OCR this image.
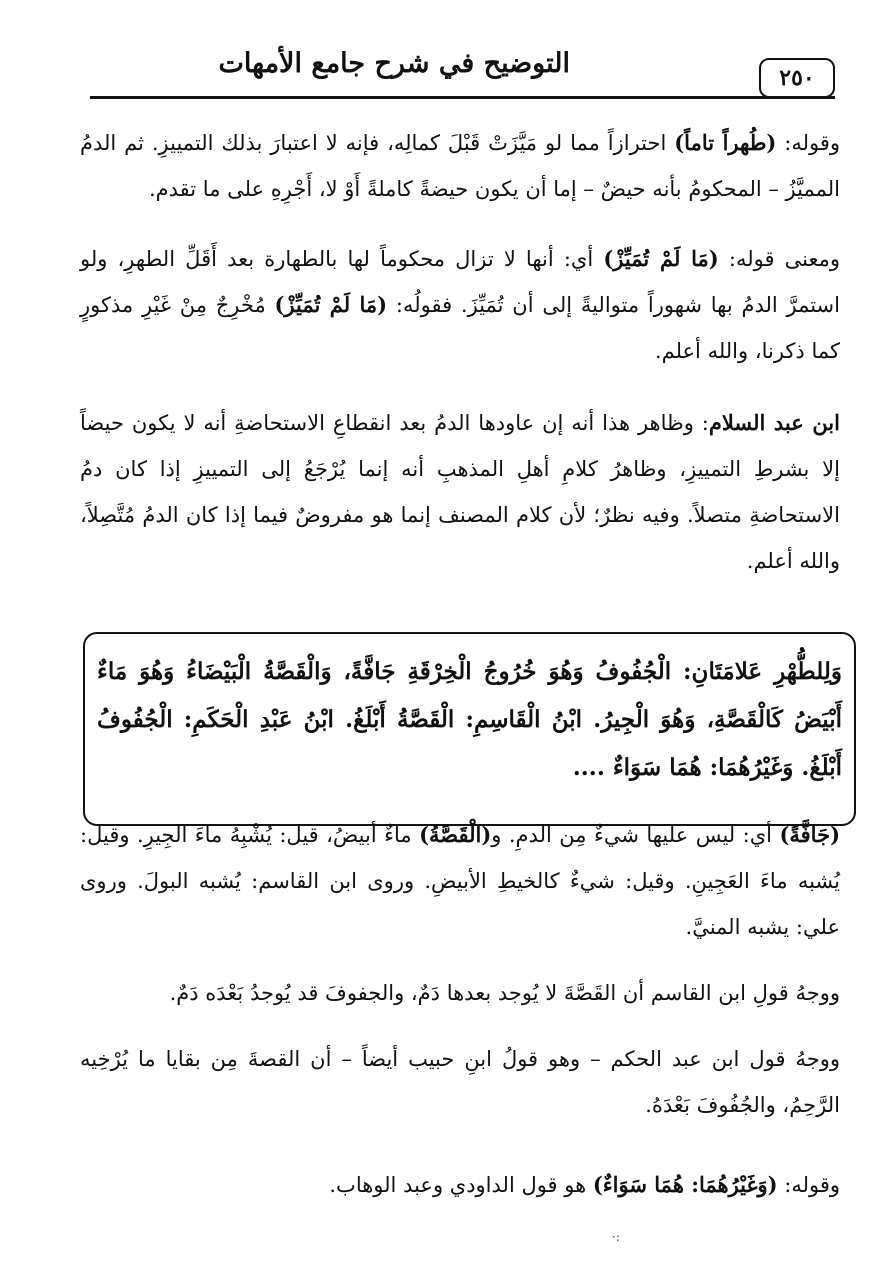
التوضيح في شرح جامع الأمهات	٢٥٠
وقوله: (طُهراً تاماً) احترازاً مما لو مَيَّزَتْ قَبْلَ كمالِه، فإنه لا اعتبارَ بذلك التمييزِ. ثم الدمُ المميَّزُ – المحكومُ بأنه حيضٌ – إما أن يكون حيضةً كاملةً أَوْ لا، أَجْرِهِ على ما تقدم.
ومعنى قوله: (مَا لَمْ تُمَيِّزْ) أي: أنها لا تزال محكوماً لها بالطهارة بعد أَقَلِّ الطهرِ، ولو استمرَّ الدمُ بها شهوراً متواليةً إلى أن تُمَيِّزَ. فقولُه: (مَا لَمْ تُمَيِّزْ) مُخْرِجٌ مِنْ غَيْرِ مذكورٍ كما ذكرنا، والله أعلم.
ابن عبد السلام: وظاهر هذا أنه إن عاودها الدمُ بعد انقطاعِ الاستحاضةِ أنه لا يكون حيضاً إلا بشرطِ التمييزِ، وظاهرُ كلامِ أهلِ المذهبِ أنه إنما يُرْجَعُ إلى التمييزِ إذا كان دمُ الاستحاضةِ متصلاً. وفيه نظرٌ؛ لأن كلام المصنف إنما هو مفروضٌ فيما إذا كان الدمُ مُتَّصِلاً، والله أعلم.
وَلِلطُّهْرِ عَلامَتَانِ: الْجُفُوفُ وَهُوَ خُرُوجُ الْخِرْقَةِ جَافَّةً، وَالْقَصَّةُ الْبَيْضَاءُ وَهُوَ مَاءٌ أَبْيَضُ كَالْقَصَّةِ، وَهُوَ الْجِيرُ. ابْنُ الْقَاسِمِ: الْقَصَّةُ أَبْلَغُ. ابْنُ عَبْدِ الْحَكَمِ: الْجُفُوفُ أَبْلَغُ. وَغَيْرُهُمَا: هُمَا سَوَاءٌ ....
(جَافَّةً) أي: ليس عليها شيءٌ مِن الدمِ. و(الْقَصَّةُ) ماءٌ أبيضُ، قيل: يُشْبِهُ ماءَ الجِيرِ. وقيل: يُشبه ماءَ العَجِينِ. وقيل: شيءٌ كالخيطِ الأبيضِ. وروى ابن القاسم: يُشبه البولَ. وروى علي: يشبه المنيَّ.
ووجهُ قولِ ابن القاسم أن القَصَّةَ لا يُوجد بعدها دَمٌ، والجفوفَ قد يُوجدُ بَعْدَه دَمٌ.
ووجهُ قول ابن عبد الحكم – وهو قولُ ابنِ حبيب أيضاً – أن القصةَ مِن بقايا ما يُرْخِيه الرَّحِمُ، والجُفُوفَ بَعْدَهُ.
وقوله: (وَغَيْرُهُمَا: هُمَا سَوَاءٌ) هو قول الداودي وعبد الوهاب.
·:
